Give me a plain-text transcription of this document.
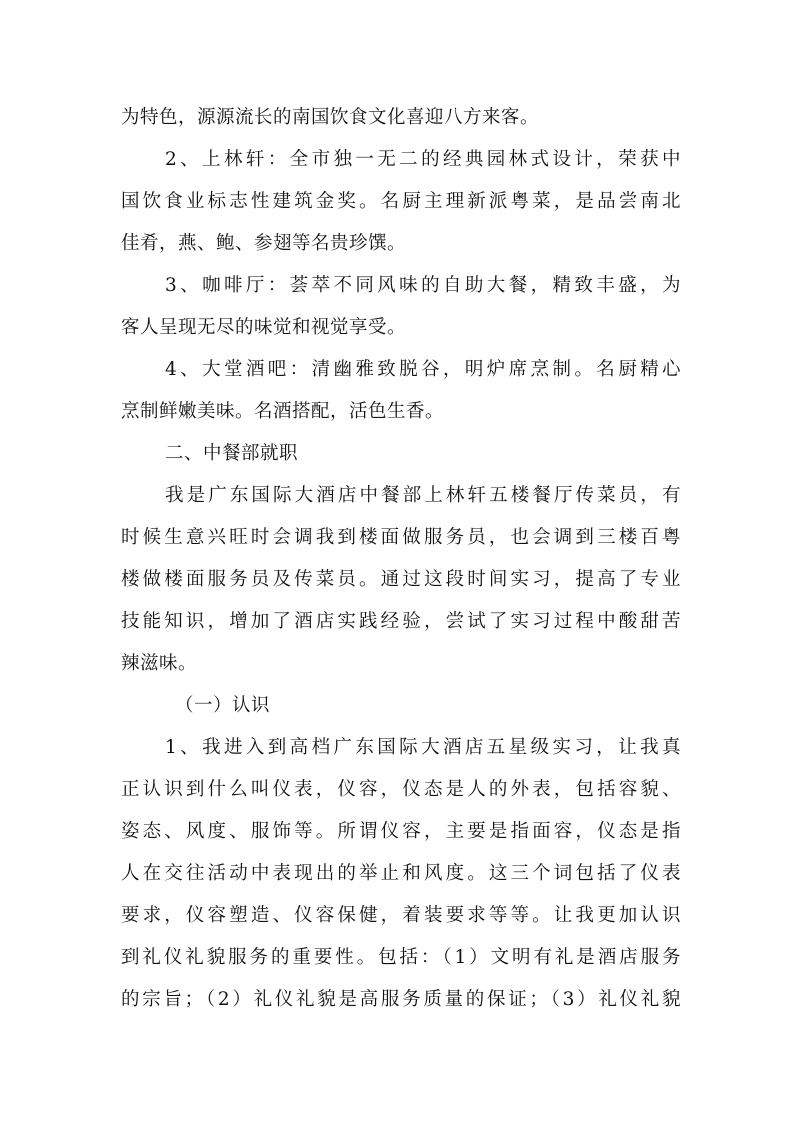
为特色，源源流长的南国饮食文化喜迎八方来客。
2、上林轩：全市独一无二的经典园林式设计，荣获中
国饮食业标志性建筑金奖。名厨主理新派粤菜，是品尝南北
佳肴，燕、鲍、参翅等名贵珍馔。
3、咖啡厅：荟萃不同风味的自助大餐，精致丰盛，为
客人呈现无尽的味觉和视觉享受。
4、大堂酒吧：清幽雅致脱谷，明炉席烹制。名厨精心
烹制鲜嫩美味。名酒搭配，活色生香。
二、中餐部就职
我是广东国际大酒店中餐部上林轩五楼餐厅传菜员，有
时候生意兴旺时会调我到楼面做服务员，也会调到三楼百粤
楼做楼面服务员及传菜员。通过这段时间实习，提高了专业
技能知识，增加了酒店实践经验，尝试了实习过程中酸甜苦
辣滋味。
（一）认识
1、我进入到高档广东国际大酒店五星级实习，让我真
正认识到什么叫仪表，仪容，仪态是人的外表，包括容貌、
姿态、风度、服饰等。所谓仪容，主要是指面容，仪态是指
人在交往活动中表现出的举止和风度。这三个词包括了仪表
要求，仪容塑造、仪容保健，着装要求等等。让我更加认识
到礼仪礼貌服务的重要性。包括：（1）文明有礼是酒店服务
的宗旨；（2）礼仪礼貌是高服务质量的保证；（3）礼仪礼貌
